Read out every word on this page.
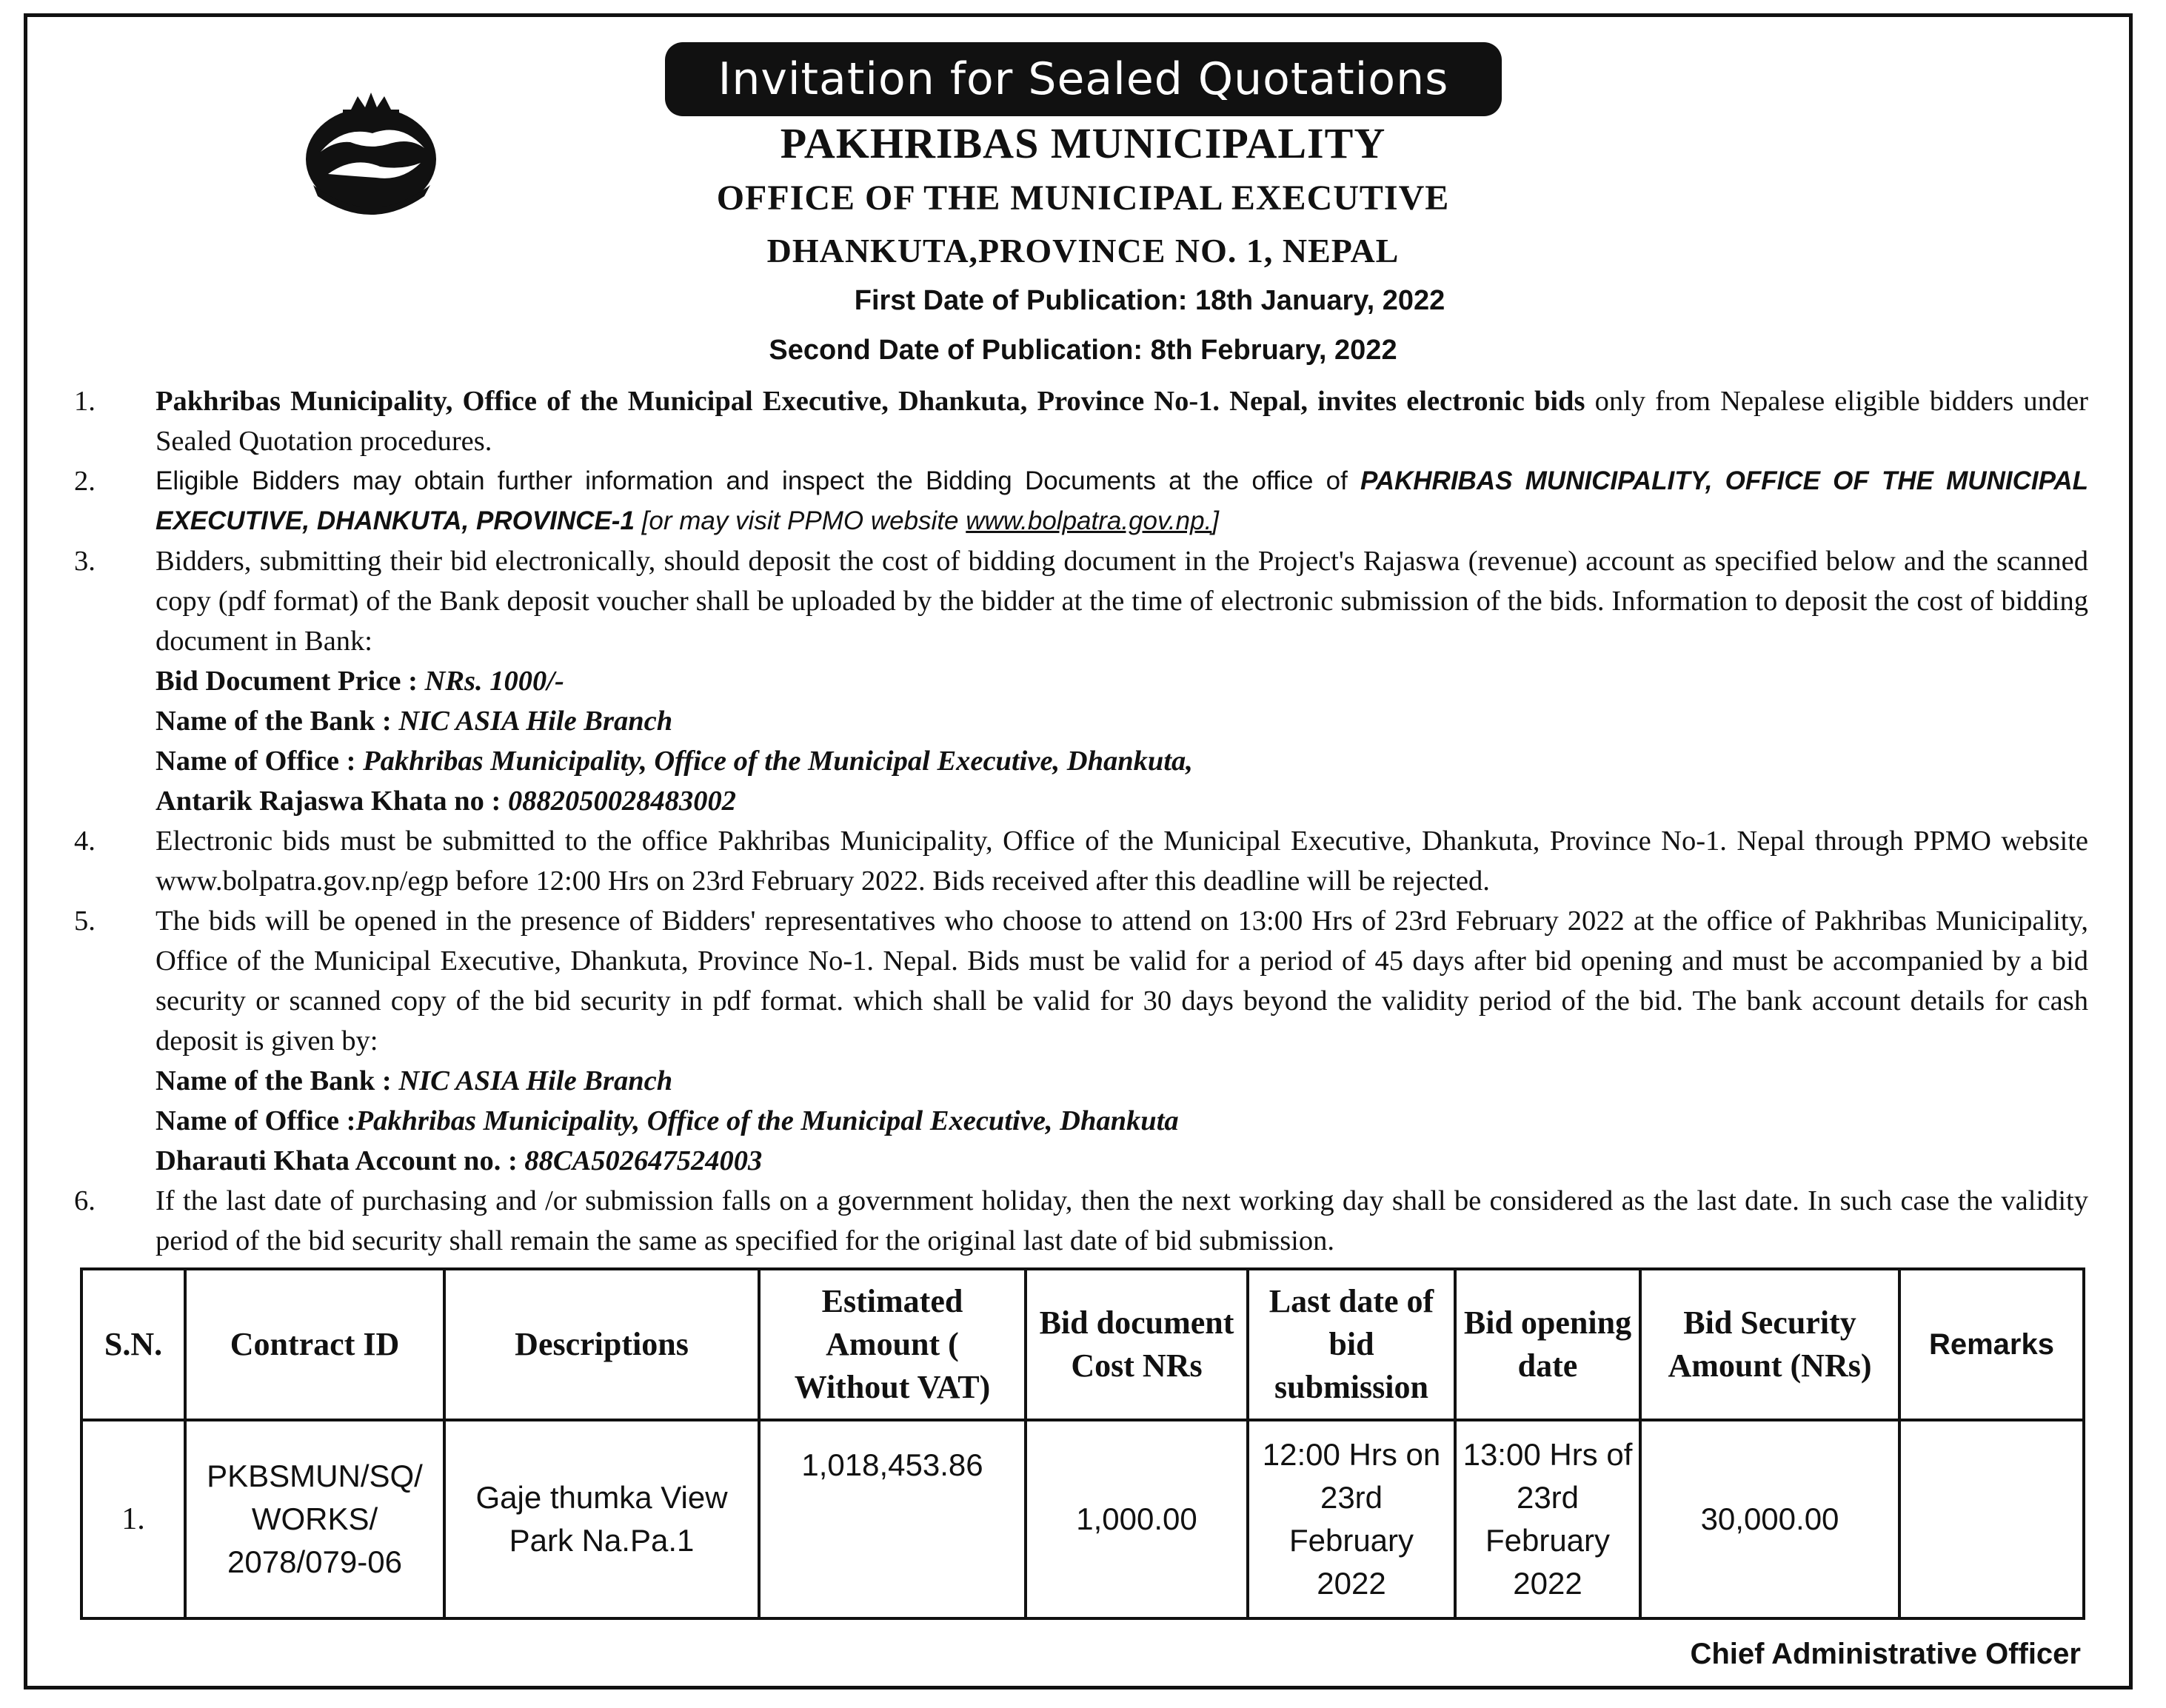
Invitation for Sealed Quotations
PAKHRIBAS MUNICIPALITY
OFFICE OF THE MUNICIPAL EXECUTIVE
DHANKUTA,PROVINCE NO. 1, NEPAL
First Date of Publication: 18th January, 2022
Second Date of Publication: 8th February, 2022
1.	Pakhribas Municipality, Office of the Municipal Executive, Dhankuta, Province No-1. Nepal, invites electronic bids only from Nepalese eligible bidders under Sealed Quotation procedures.
2.	Eligible Bidders may obtain further information and inspect the Bidding Documents at the office of PAKHRIBAS MUNICIPALITY, OFFICE OF THE MUNICIPAL EXECUTIVE, DHANKUTA, PROVINCE-1 [or may visit PPMO website www.bolpatra.gov.np.]
3.	Bidders, submitting their bid electronically, should deposit the cost of bidding document in the Project's Rajaswa (revenue) account as specified below and the scanned copy (pdf format) of the Bank deposit voucher shall be uploaded by the bidder at the time of electronic submission of the bids. Information to deposit the cost of bidding document in Bank:
Bid Document Price : NRs. 1000/-
Name of the Bank : NIC ASIA Hile Branch
Name of Office : Pakhribas Municipality, Office of the Municipal Executive, Dhankuta,
Antarik Rajaswa Khata no : 0882050028483002
4.	Electronic bids must be submitted to the office Pakhribas Municipality, Office of the Municipal Executive, Dhankuta, Province No-1. Nepal through PPMO website www.bolpatra.gov.np/egp before 12:00 Hrs on 23rd February 2022. Bids received after this deadline will be rejected.
5.	The bids will be opened in the presence of Bidders' representatives who choose to attend on 13:00 Hrs of 23rd February 2022 at the office of Pakhribas Municipality, Office of the Municipal Executive, Dhankuta, Province No-1. Nepal. Bids must be valid for a period of 45 days after bid opening and must be accompanied by a bid security or scanned copy of the bid security in pdf format. which shall be valid for 30 days beyond the validity period of the bid. The bank account details for cash deposit is given by:
Name of the Bank : NIC ASIA Hile Branch
Name of Office :Pakhribas Municipality, Office of the Municipal Executive, Dhankuta
Dharauti Khata Account no. : 88CA502647524003
6.	If the last date of purchasing and /or submission falls on a government holiday, then the next working day shall be considered as the last date. In such case the validity period of the bid security shall remain the same as specified for the original last date of bid submission.
S.N.	Contract ID	Descriptions	Estimated Amount ( Without VAT)	Bid document Cost NRs	Last date of bid submission	Bid opening date	Bid Security Amount (NRs)	Remarks
1.	PKBSMUN/SQ/ WORKS/ 2078/079-06	Gaje thumka View Park Na.Pa.1	1,018,453.86	1,000.00	12:00 Hrs on 23rd February 2022	13:00 Hrs of 23rd February 2022	30,000.00	
Chief Administrative Officer
